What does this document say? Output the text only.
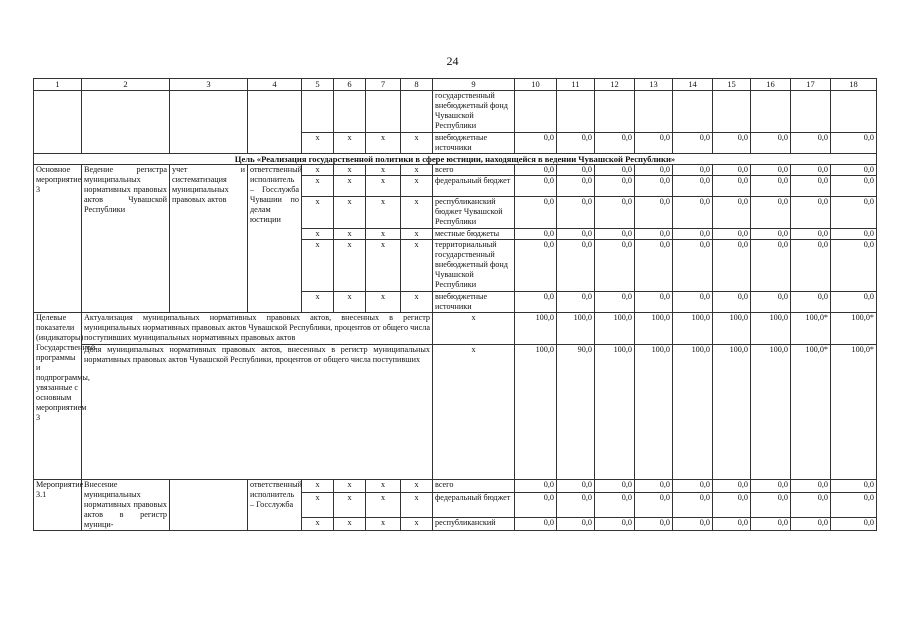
24
1	2	3	4	5	6	7	8	9	10	11	12	13	14	15	16	17	18
								государственный внебюджетный фонд Чувашской Республики									
				x	x	x	x	внебюджетные источники	0,0	0,0	0,0	0,0	0,0	0,0	0,0	0,0	0,0
Цель «Реализация государственной политики в сфере юстиции, находящейся в ведении Чувашской Республики»																	
Основное мероприятие 3	Ведение регистра муниципальных нормативных правовых актов Чувашской Республики	учет и систематизация муниципальных правовых актов	ответственный исполнитель – Госслужба Чувашии по делам юстиции	x	x	x	x	всего	0,0	0,0	0,0	0,0	0,0	0,0	0,0	0,0	0,0
				x	x	x	x	федеральный бюджет	0,0	0,0	0,0	0,0	0,0	0,0	0,0	0,0	0,0
				x	x	x	x	республиканский бюджет Чувашской Республики	0,0	0,0	0,0	0,0	0,0	0,0	0,0	0,0	0,0
				x	x	x	x	местные бюджеты	0,0	0,0	0,0	0,0	0,0	0,0	0,0	0,0	0,0
				x	x	x	x	территориальный государственный внебюджетный фонд Чувашской Республики	0,0	0,0	0,0	0,0	0,0	0,0	0,0	0,0	0,0
				x	x	x	x	внебюджетные источники	0,0	0,0	0,0	0,0	0,0	0,0	0,0	0,0	0,0
Целевые показатели (индикаторы) Государственной программы и подпрограммы, увязанные с основным мероприятием 3	Актуализация муниципальных нормативных правовых актов, внесенных в регистр муниципальных нормативных правовых актов Чувашской Республики, процентов от общего числа поступивших муниципальных нормативных правовых актов							x	100,0	100,0	100,0	100,0	100,0	100,0	100,0	100,0*	100,0*
	Доля муниципальных нормативных правовых актов, внесенных в регистр муниципальных нормативных правовых актов Чувашской Республики, процентов от общего числа поступивших							x	100,0	90,0	100,0	100,0	100,0	100,0	100,0	100,0*	100,0*
Мероприятие 3.1	Внесение муниципальных нормативных правовых актов в регистр муници-		ответственный исполнитель – Госслужба	x	x	x	x	всего	0,0	0,0	0,0	0,0	0,0	0,0	0,0	0,0	0,0
				x	x	x	x	федеральный бюджет	0,0	0,0	0,0	0,0	0,0	0,0	0,0	0,0	0,0
				x	x	x	x	республиканский	0,0	0,0	0,0	0,0	0,0	0,0	0,0	0,0	0,0
